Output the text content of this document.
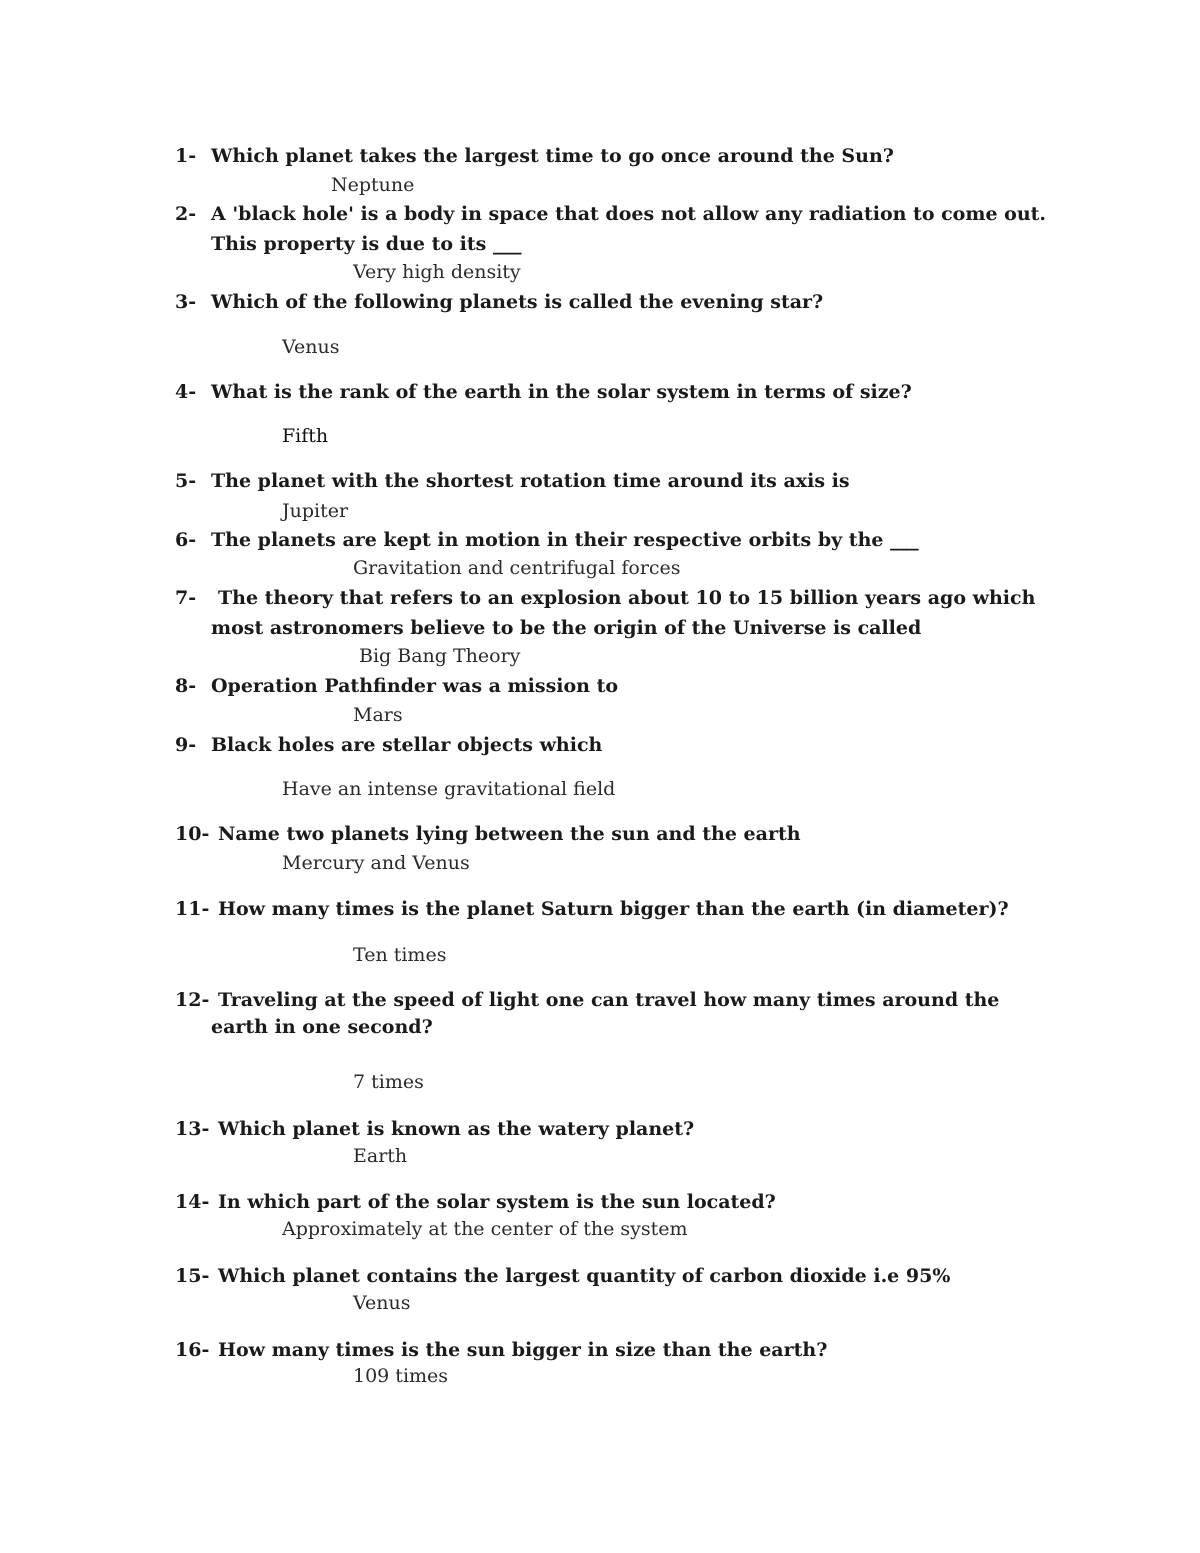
1- Which planet takes the largest time to go once around the Sun?
Neptune
2- A 'black hole' is a body in space that does not allow any radiation to come out.
This property is due to its ___
Very high density
3- Which of the following planets is called the evening star?
Venus
4- What is the rank of the earth in the solar system in terms of size?
Fifth
5- The planet with the shortest rotation time around its axis is
Jupiter
6- The planets are kept in motion in their respective orbits by the ___
Gravitation and centrifugal forces
7- The theory that refers to an explosion about 10 to 15 billion years ago which
most astronomers believe to be the origin of the Universe is called
Big Bang Theory
8- Operation Pathfinder was a mission to
Mars
9- Black holes are stellar objects which
Have an intense gravitational field
10- Name two planets lying between the sun and the earth
Mercury and Venus
11- How many times is the planet Saturn bigger than the earth (in diameter)?
Ten times
12- Traveling at the speed of light one can travel how many times around the
earth in one second?
7 times
13- Which planet is known as the watery planet?
Earth
14- In which part of the solar system is the sun located?
Approximately at the center of the system
15- Which planet contains the largest quantity of carbon dioxide i.e 95%
Venus
16- How many times is the sun bigger in size than the earth?
109 times
